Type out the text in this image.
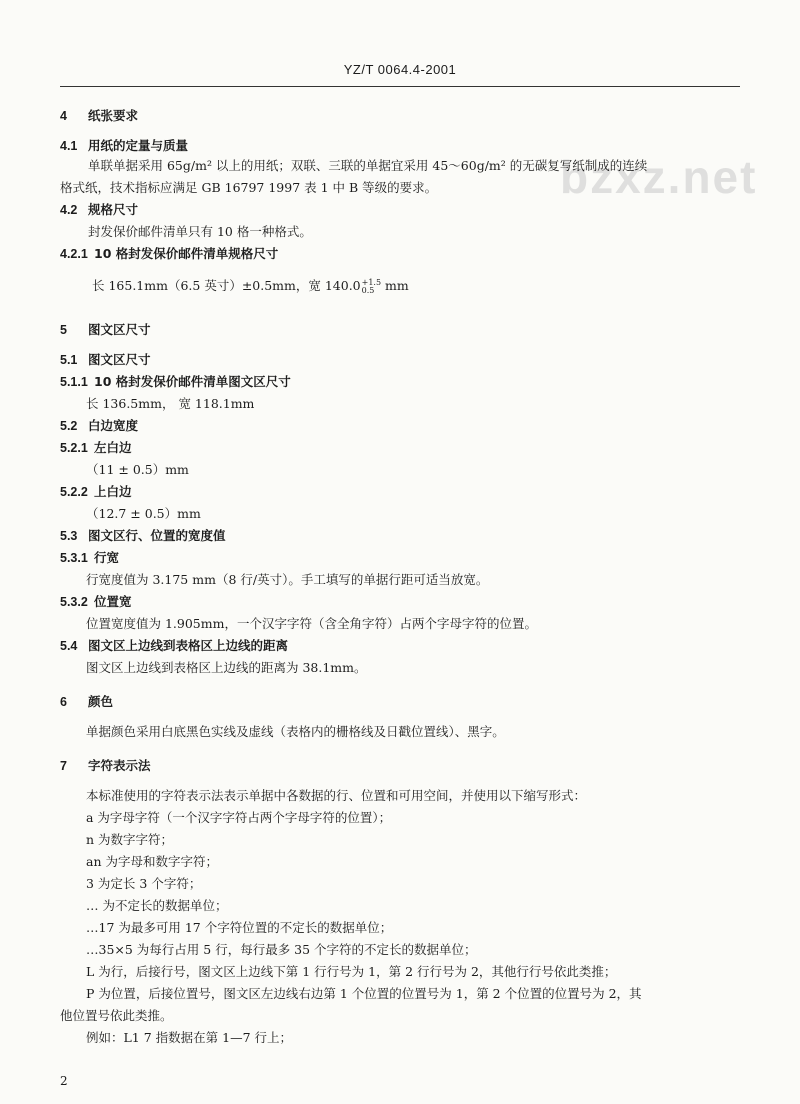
YZ/T 0064.4-2001
bzxz.net
4 纸张要求
4.1 用纸的定量与质量
单联单据采用 65g/m² 以上的用纸；双联、三联的单据宜采用 45～60g/m² 的无碳复写纸制成的连续
格式纸，技术指标应满足 GB 16797 1997 表 1 中 B 等级的要求。
4.2 规格尺寸
封发保价邮件清单只有 10 格一种格式。
4.2.1 10 格封发保价邮件清单规格尺寸
长 165.1mm（6.5 英寸）±0.5mm，宽 140.0 +1.5
0.5 mm
5 图文区尺寸
5.1 图文区尺寸
5.1.1 10 格封发保价邮件清单图文区尺寸
长 136.5mm， 宽 118.1mm
5.2 白边宽度
5.2.1 左白边
（11 ± 0.5）mm
5.2.2 上白边
（12.7 ± 0.5）mm
5.3 图文区行、位置的宽度值
5.3.1 行宽
行宽度值为 3.175 mm（8 行/英寸）。手工填写的单据行距可适当放宽。
5.3.2 位置宽
位置宽度值为 1.905mm，一个汉字字符（含全角字符）占两个字母字符的位置。
5.4 图文区上边线到表格区上边线的距离
图文区上边线到表格区上边线的距离为 38.1mm。
6 颜色
单据颜色采用白底黑色实线及虚线（表格内的栅格线及日戳位置线）、黑字。
7 字符表示法
本标准使用的字符表示法表示单据中各数据的行、位置和可用空间，并使用以下缩写形式：
a 为字母字符（一个汉字字符占两个字母字符的位置）；
n 为数字字符；
an 为字母和数字字符；
3 为定长 3 个字符；
… 为不定长的数据单位；
…17 为最多可用 17 个字符位置的不定长的数据单位；
…35×5 为每行占用 5 行，每行最多 35 个字符的不定长的数据单位；
L 为行，后接行号，图文区上边线下第 1 行行号为 1，第 2 行行号为 2，其他行行号依此类推；
P 为位置，后接位置号，图文区左边线右边第 1 个位置的位置号为 1，第 2 个位置的位置号为 2，其
他位置号依此类推。
例如：L1 7 指数据在第 1—7 行上；
2
